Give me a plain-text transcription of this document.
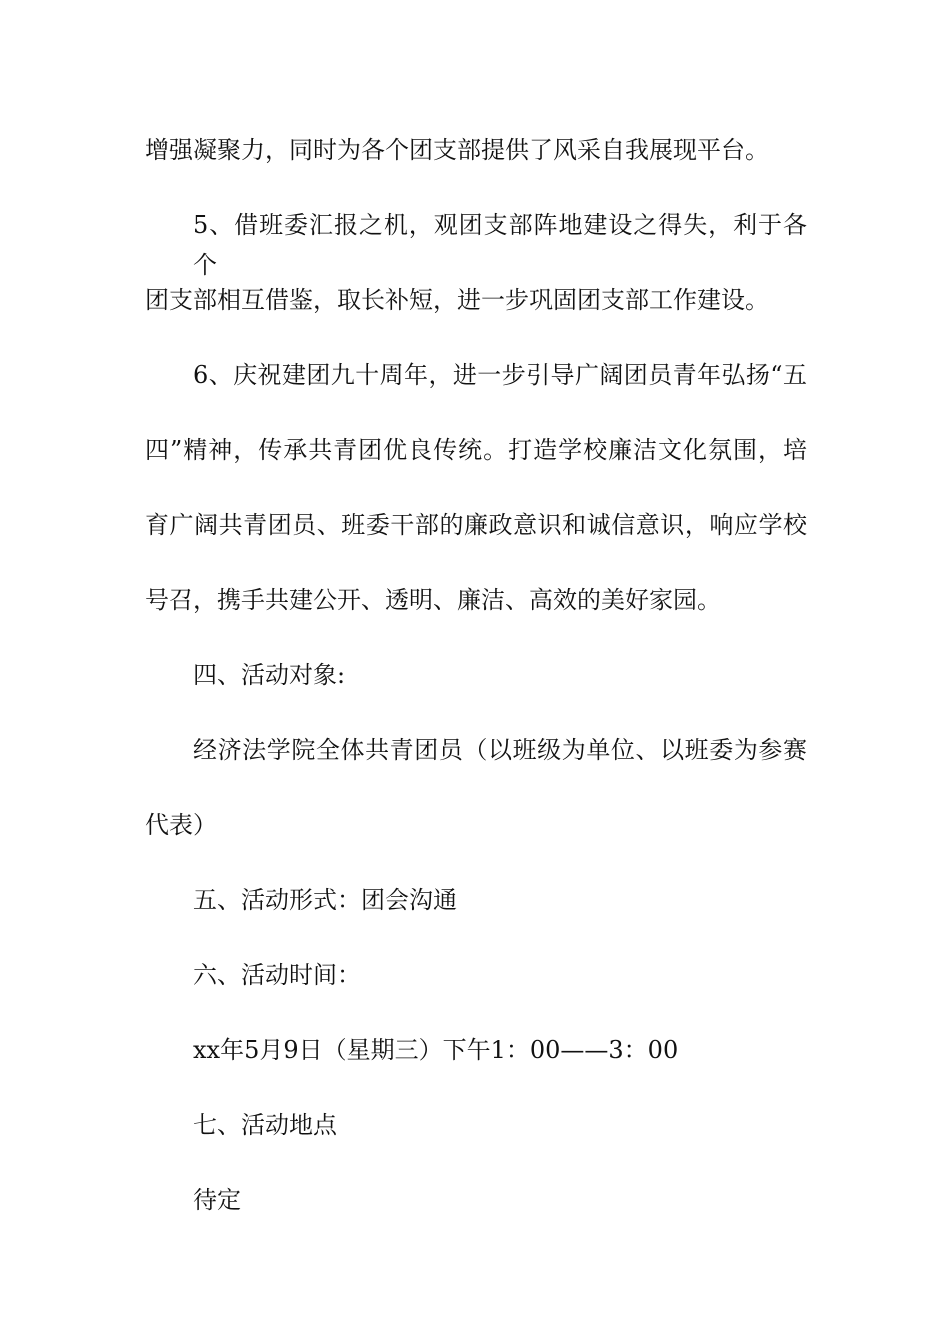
增强凝聚力，同时为各个团支部提供了风采自我展现平台。
5、借班委汇报之机，观团支部阵地建设之得失，利于各个
团支部相互借鉴，取长补短，进一步巩固团支部工作建设。
6、庆祝建团九十周年，进一步引导广阔团员青年弘扬“五
四”精神，传承共青团优良传统。打造学校廉洁文化氛围，培
育广阔共青团员、班委干部的廉政意识和诚信意识，响应学校
号召，携手共建公开、透明、廉洁、高效的美好家园。
四、活动对象:
经济法学院全体共青团员（以班级为单位、以班委为参赛
代表）
五、活动形式：团会沟通
六、活动时间：
xx年5月9日（星期三）下午1：00——3：00
七、活动地点
待定
